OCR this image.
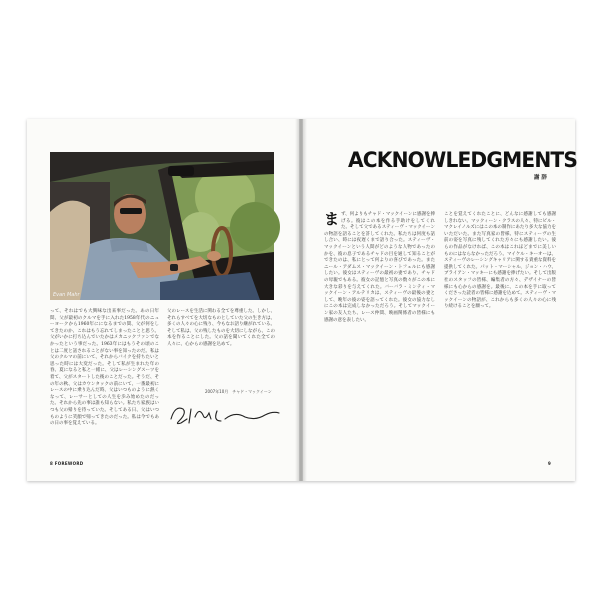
Evan Mahr
って、それはでも大興味な出来事だった。あの日年間、父が最初のクルマを手に入れた1958年代のニューヨークから1960年にになるまでの間、父が何をしてきたのか、これはもう忘れてしまったことと思う。父がいかに打ち込んでいたかはメカニックファンでなかったという事だった。1963年にはもうその頃のことは二度と話されることがない事を知ったのだ。私は父のクルマの前にいて、それからバイクを持ちたいと思った時には大変だった。そして私が生まれた年の春、夏になると私と一緒に、父はレーシングスーツを着て、父がスタートした後のことだった。そうだ、その年の秋、父はカウンタックの前にいて、一番最初にレースの中に乗り込んだ時、父はいつものように熱くなって、レーサーとしての人生を歩み始めたのだった。それから先の事は誰も知らない。私たち家族はいつも父の帰りを待っていた。そしてある日、父はいつものように笑顔で帰ってきたのだった。私は今でもあの日の事を覚えている。
父のレースを生活に関わる全てを尊重した。しかし、それらすべてを大切なものとしていた父の生き方は、多くの人々の心に残り、今もなお語り継がれている。そして私は、父の残したものを大切にしながら、この本を作ることにした。父の話を聞いてくれた全ての人々に、心からの感謝を込めて。
2007年10月　チャド・マックイーン
8 FOREWORD
ACKNOWLEDGMENTS
謝 辞
まず、何よりもチャド・マックイーンに感謝を捧げる。彼はこの本を作る手助けをしてくれた。そして父であるスティーヴ・マックイーンの物語を語ることを許してくれた。私たちは何度も話し合い、時には夜遅くまで語り合った。スティーヴ・マックイーンという人間がどのような人物であったのかを、彼の息子であるチャドの目を通して知ることができたのは、私にとって何よりの喜びであった。またニール・アダムス・マックイーン・トフェルにも感謝したい。彼女はスティーヴの最初の妻であり、チャドの母親でもある。彼女の記憶と写真の数々がこの本に大きな彩りを与えてくれた。バーバラ・ミンティ・マックイーン・アルテリカは、スティーヴの最後の妻として、晩年の彼の姿を語ってくれた。彼女の協力なしにこの本は完成しなかっただろう。そしてマックイーン家の友人たち、レース仲間、映画関係者の皆様にも感謝の意を表したい。
ことを覚えてくれたことに、どんなに感謝しても感謝しきれない。マックィーン・クラスの人々、特にビル・マクレイノルズにはこの本の制作にあたり多大な協力をいただいた。また写真家の皆様、特にスティーヴの生前の姿を写真に残してくれた方々にも感謝したい。彼らの作品がなければ、この本はこれほどまでに美しいものにはならなかっただろう。マイケル・キーオーは、スティーヴのレーシングキャリアに関する貴重な資料を提供してくれた。パット・マーシャル、ジョン・ハウ、ブライアン・マッキーにも感謝を捧げたい。そして出版社のスタッフの皆様、編集者の方々、デザイナーの皆様にも心からの感謝を。最後に、この本を手に取ってくださった読者の皆様に感謝を込めて。スティーヴ・マックイーンの物語が、これからも多くの人々の心に残り続けることを願って。
9
